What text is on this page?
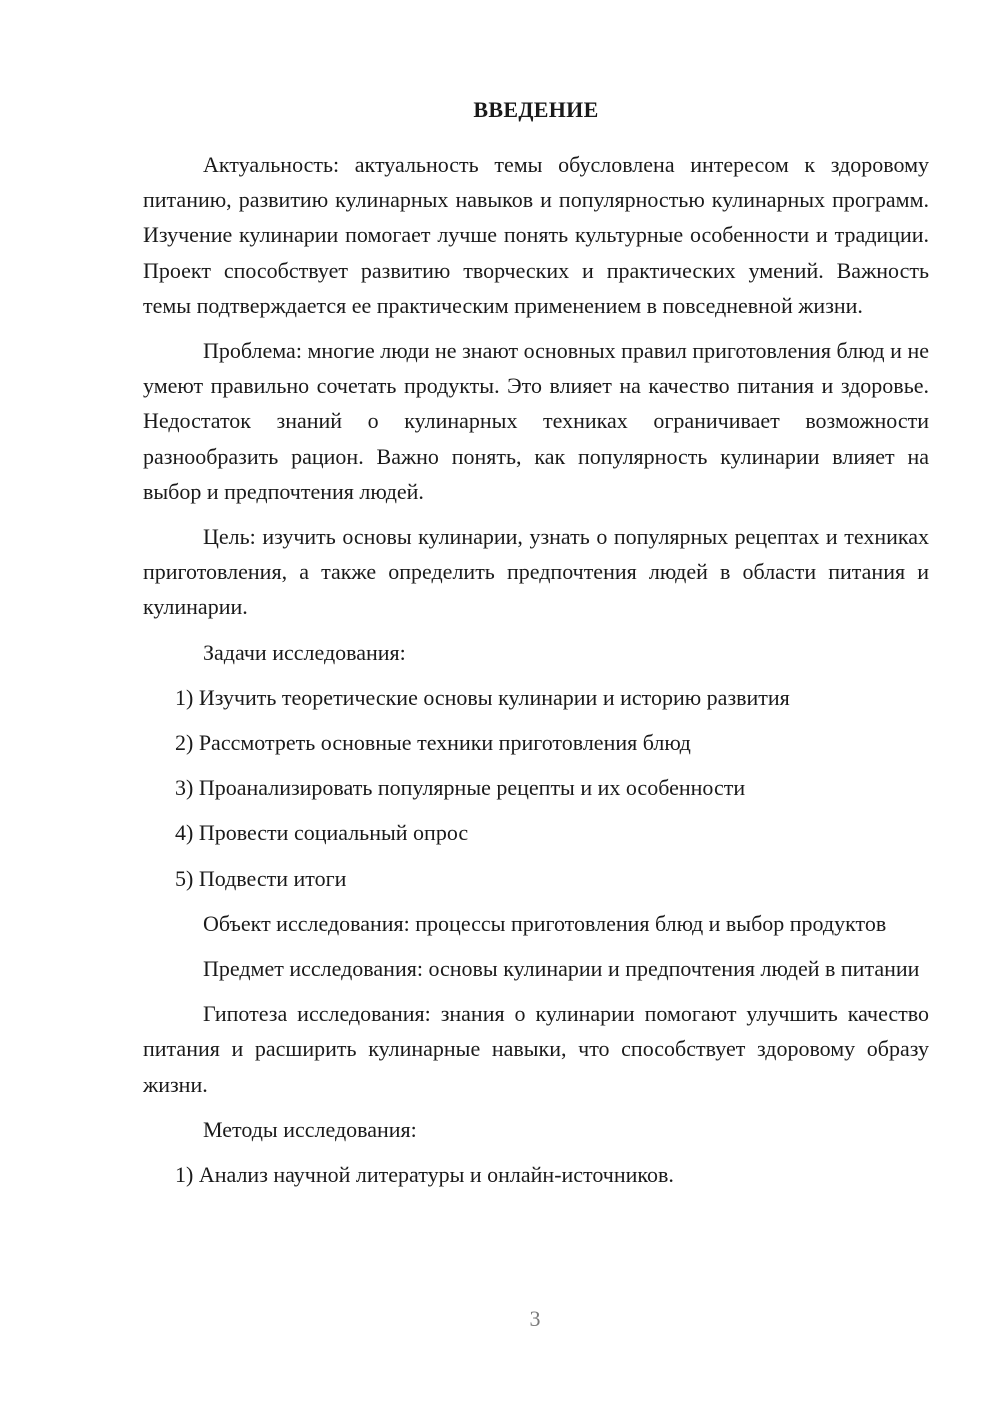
ВВЕДЕНИЕ

Актуальность: актуальность темы обусловлена интересом к здоровому питанию, развитию кулинарных навыков и популярностью кулинарных программ. Изучение кулинарии помогает лучше понять культурные особенности и традиции. Проект способствует развитию творческих и практических умений. Важность темы подтверждается ее практическим применением в повседневной жизни.

Проблема: многие люди не знают основных правил приготовления блюд и не умеют правильно сочетать продукты. Это влияет на качество питания и здоровье. Недостаток знаний о кулинарных техниках ограничивает возможности разнообразить рацион. Важно понять, как популярность кулинарии влияет на выбор и предпочтения людей.

Цель: изучить основы кулинарии, узнать о популярных рецептах и техниках приготовления, а также определить предпочтения людей в области питания и кулинарии.

Задачи исследования:

1) Изучить теоретические основы кулинарии и историю развития
2) Рассмотреть основные техники приготовления блюд
3) Проанализировать популярные рецепты и их особенности
4) Провести социальный опрос
5) Подвести итоги

Объект исследования: процессы приготовления блюд и выбор продуктов

Предмет исследования: основы кулинарии и предпочтения людей в питании

Гипотеза исследования: знания о кулинарии помогают улучшить качество питания и расширить кулинарные навыки, что способствует здоровому образу жизни.

Методы исследования:

1) Анализ научной литературы и онлайн-источников.
3
